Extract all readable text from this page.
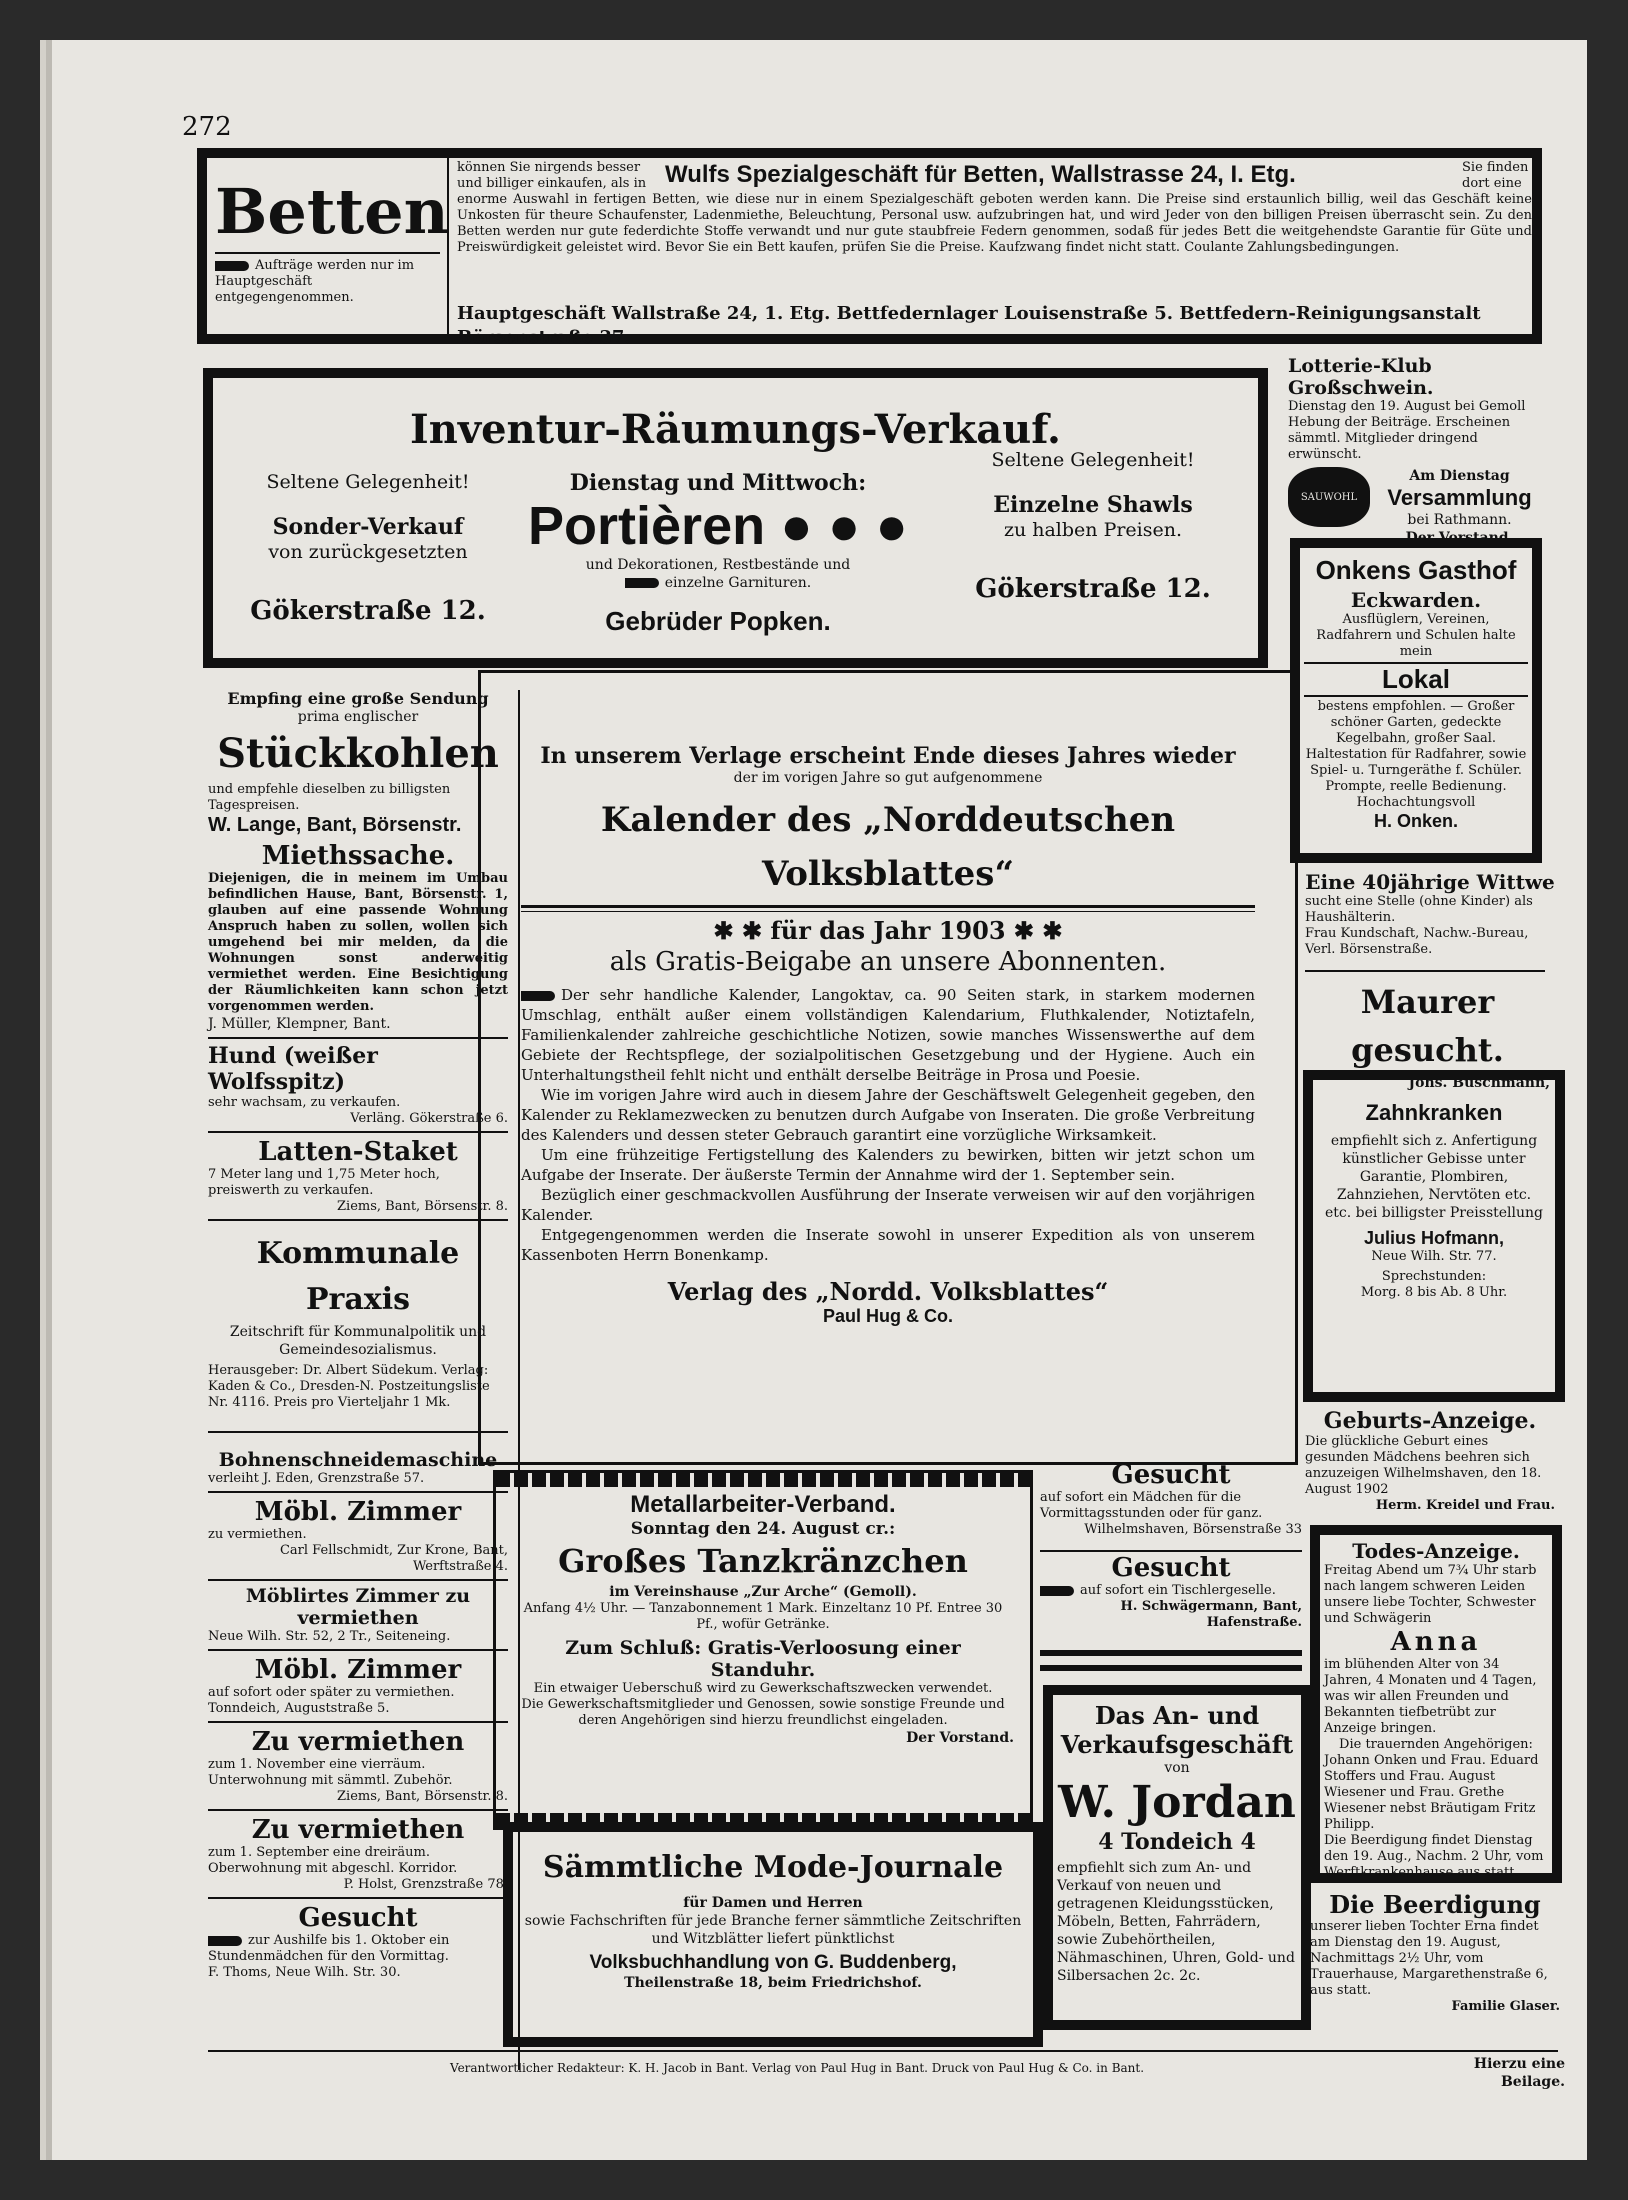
272
Betten
Aufträge werden nur im Hauptgeschäft entgegengenommen.
können Sie nirgends besser und billiger einkaufen, als in Wulfs Spezialgeschäft für Betten, Wallstrasse 24, I. Etg.	Sie finden dort eine
enorme Auswahl in fertigen Betten, wie diese nur in einem Spezialgeschäft geboten werden kann. Die Preise sind erstaunlich billig, weil das Geschäft keine Unkosten für theure Schaufenster, Ladenmiethe, Beleuchtung, Personal usw. aufzubringen hat, und wird Jeder von den billigen Preisen überrascht sein. Zu den Betten werden nur gute federdichte Stoffe verwandt und nur gute staubfreie Federn genommen, sodaß für jedes Bett die weitgehendste Garantie für Güte und Preiswürdigkeit geleistet wird. Bevor Sie ein Bett kaufen, prüfen Sie die Preise. Kaufzwang findet nicht statt. Coulante Zahlungsbedingungen.
Hauptgeschäft Wallstraße 24, 1. Etg. Bettfedernlager Louisenstraße 5. Bettfedern-Reinigungsanstalt Börsenstraße 37.
Inventur-Räumungs-Verkauf.
Seltene Gelegenheit!
Sonder-Verkauf
von zurückgesetzten
Gökerstraße 12.
Dienstag und Mittwoch:
Portièren ● ● ●
und Dekorationen, Restbestände und
einzelne Garnituren.
Gebrüder Popken.
Seltene Gelegenheit!
Einzelne Shawls
zu halben Preisen.
Gökerstraße 12.
Lotterie-Klub Großschwein.
Dienstag den 19. August bei Gemoll Hebung der Beiträge. Erscheinen sämmtl. Mitglieder dringend erwünscht.
SAUWOHL
Am Dienstag
Versammlung
bei Rathmann.
Der Vorstand.
Onkens Gasthof
Eckwarden.
Ausflüglern, Vereinen, Radfahrern und Schulen halte mein
Lokal
bestens empfohlen. — Großer schöner Garten, gedeckte Kegelbahn, großer Saal. Haltestation für Radfahrer, sowie Spiel- u. Turngeräthe f. Schüler. Prompte, reelle Bedienung.
Hochachtungsvoll
H. Onken.
Empfing eine große Sendung
prima englischer
Stückkohlen
und empfehle dieselben zu billigsten Tagespreisen.
W. Lange, Bant, Börsenstr.
Miethssache.
Diejenigen, die in meinem im Umbau befindlichen Hause, Bant, Börsenstr. 1, glauben auf eine passende Wohnung Anspruch haben zu sollen, wollen sich umgehend bei mir melden, da die Wohnungen sonst anderweitig vermiethet werden. Eine Besichtigung der Räumlichkeiten kann schon jetzt vorgenommen werden.
J. Müller, Klempner, Bant.
Hund (weißer Wolfsspitz)
sehr wachsam, zu verkaufen.
Verläng. Gökerstraße 6.
Latten-Staket
7 Meter lang und 1,75 Meter hoch, preiswerth zu verkaufen.
Ziems, Bant, Börsenstr. 8.
Kommunale Praxis
Zeitschrift für Kommunalpolitik und Gemeindesozialismus.
Herausgeber: Dr. Albert Südekum. Verlag: Kaden & Co., Dresden-N. Postzeitungsliste Nr. 4116. Preis pro Vierteljahr 1 Mk.
Bohnenschneidemaschine
verleiht J. Eden, Grenzstraße 57.
Möbl. Zimmer
zu vermiethen.
Carl Fellschmidt, Zur Krone, Bant, Werftstraße 4.
Möblirtes Zimmer zu vermiethen
Neue Wilh. Str. 52, 2 Tr., Seiteneing.
Möbl. Zimmer
auf sofort oder später zu vermiethen. Tonndeich, Auguststraße 5.
Zu vermiethen
zum 1. November eine vierräum. Unterwohnung mit sämmtl. Zubehör.
Ziems, Bant, Börsenstr. 8.
Zu vermiethen
zum 1. September eine dreiräum. Oberwohnung mit abgeschl. Korridor.
P. Holst, Grenzstraße 78.
Gesucht
zur Aushilfe bis 1. Oktober ein Stundenmädchen für den Vormittag.
F. Thoms, Neue Wilh. Str. 30.
In unserem Verlage erscheint Ende dieses Jahres wieder
der im vorigen Jahre so gut aufgenommene
Kalender des „Norddeutschen Volksblattes“
✱ ✱ für das Jahr 1903 ✱ ✱
als Gratis-Beigabe an unsere Abonnenten.
Der sehr handliche Kalender, Langoktav, ca. 90 Seiten stark, in starkem modernen Umschlag, enthält außer einem vollständigen Kalendarium, Fluthkalender, Notiztafeln, Familienkalender zahlreiche geschichtliche Notizen, sowie manches Wissenswerthe auf dem Gebiete der Rechtspflege, der sozialpolitischen Gesetzgebung und der Hygiene. Auch ein Unterhaltungstheil fehlt nicht und enthält derselbe Beiträge in Prosa und Poesie.
Wie im vorigen Jahre wird auch in diesem Jahre der Geschäftswelt Gelegenheit gegeben, den Kalender zu Reklamezwecken zu benutzen durch Aufgabe von Inseraten. Die große Verbreitung des Kalenders und dessen steter Gebrauch garantirt eine vorzügliche Wirksamkeit.
Um eine frühzeitige Fertigstellung des Kalenders zu bewirken, bitten wir jetzt schon um Aufgabe der Inserate. Der äußerste Termin der Annahme wird der 1. September sein.
Bezüglich einer geschmackvollen Ausführung der Inserate verweisen wir auf den vorjährigen Kalender.
Entgegengenommen werden die Inserate sowohl in unserer Expedition als von unserem Kassenboten Herrn Bonenkamp.
Verlag des „Nordd. Volksblattes“
Paul Hug & Co.
Eine 40jährige Wittwe
sucht eine Stelle (ohne Kinder) als Haushälterin.
Frau Kundschaft, Nachw.-Bureau, Verl. Börsenstraße.
Maurer gesucht.
Johs. Buschmann,
Zahnkranken
empfiehlt sich z. Anfertigung künstlicher Gebisse unter Garantie, Plombiren, Zahnziehen, Nervtöten etc. etc. bei billigster Preisstellung
Julius Hofmann,
Neue Wilh. Str. 77.
Sprechstunden:
Morg. 8 bis Ab. 8 Uhr.
Geburts-Anzeige.
Die glückliche Geburt eines gesunden Mädchens beehren sich anzuzeigen Wilhelmshaven, den 18. August 1902
Herm. Kreidel und Frau.
Todes-Anzeige.
Freitag Abend um 7¾ Uhr starb nach langem schweren Leiden unsere liebe Tochter, Schwester und Schwägerin
Anna
im blühenden Alter von 34 Jahren, 4 Monaten und 4 Tagen, was wir allen Freunden und Bekannten tiefbetrübt zur Anzeige bringen.
Die trauernden Angehörigen:
Johann Onken und Frau. Eduard Stoffers und Frau. August Wiesener und Frau. Grethe Wiesener nebst Bräutigam Fritz Philipp.
Die Beerdigung findet Dienstag den 19. Aug., Nachm. 2 Uhr, vom Werftkrankenhause aus statt.
Die Beerdigung
unserer lieben Tochter Erna findet am Dienstag den 19. August, Nachmittags 2½ Uhr, vom Trauerhause, Margarethenstraße 6, aus statt.
Familie Glaser.
Metallarbeiter-Verband.
Sonntag den 24. August cr.:
Großes Tanzkränzchen
im Vereinshause „Zur Arche“ (Gemoll).
Anfang 4½ Uhr. — Tanzabonnement 1 Mark. Einzeltanz 10 Pf. Entree 30 Pf., wofür Getränke.
Zum Schluß: Gratis-Verloosung einer Standuhr.
Ein etwaiger Ueberschuß wird zu Gewerkschaftszwecken verwendet.
Die Gewerkschaftsmitglieder und Genossen, sowie sonstige Freunde und deren Angehörigen sind hierzu freundlichst eingeladen.
Der Vorstand.
Sämmtliche Mode-Journale
für Damen und Herren
sowie Fachschriften für jede Branche ferner sämmtliche Zeitschriften und Witzblätter liefert pünktlichst
Volksbuchhandlung von G. Buddenberg,
Theilenstraße 18, beim Friedrichshof.
Gesucht
auf sofort ein Mädchen für die Vormittagsstunden oder für ganz.
Wilhelmshaven, Börsenstraße 33
Gesucht
auf sofort ein Tischlergeselle.
H. Schwägermann, Bant, Hafenstraße.
Das An- und
Verkaufsgeschäft
von
W. Jordan
4 Tondeich 4
empfiehlt sich zum An- und Verkauf von neuen und getragenen Kleidungsstücken, Möbeln, Betten, Fahrrädern, sowie Zubehörtheilen, Nähmaschinen, Uhren, Gold- und Silbersachen 2c. 2c.
Verantwortlicher Redakteur: K. H. Jacob in Bant. Verlag von Paul Hug in Bant. Druck von Paul Hug & Co. in Bant.	Hierzu eine Beilage.
